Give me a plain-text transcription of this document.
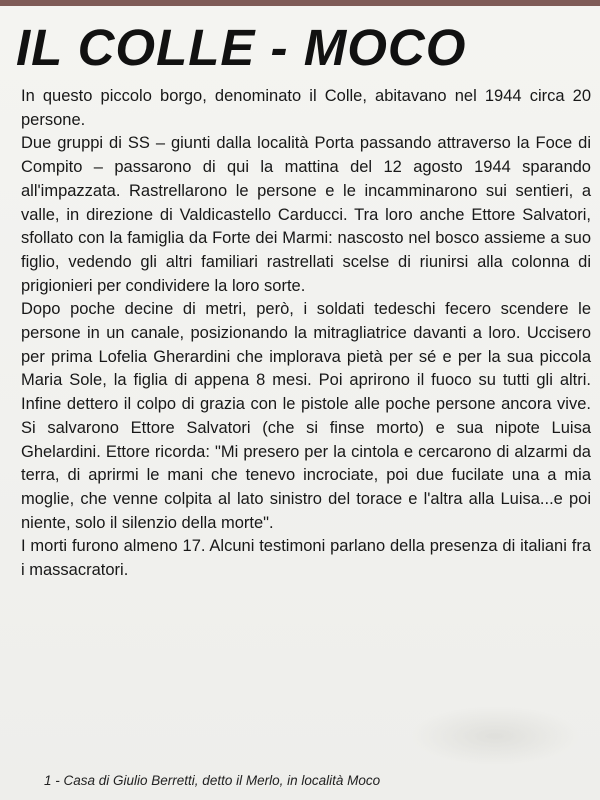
IL COLLE - MOCO

In questo piccolo borgo, denominato il Colle, abitavano nel 1944 circa 20 persone.

Due gruppi di SS – giunti dalla località Porta passando attraverso la Foce di Compito – passarono di qui la mattina del 12 agosto 1944 sparando all'impazzata. Rastrellarono le persone e le incamminarono sui sentieri, a valle, in direzione di Valdicastello Carducci. Tra loro anche Ettore Salvatori, sfollato con la famiglia da Forte dei Marmi: nascosto nel bosco assieme a suo figlio, vedendo gli altri familiari rastrellati scelse di riunirsi alla colonna di prigionieri per condividere la loro sorte.

Dopo poche decine di metri, però, i soldati tedeschi fecero scendere le persone in un canale, posizionando la mitragliatrice davanti a loro. Uccisero per prima Lofelia Gherardini che implorava pietà per sé e per la sua piccola Maria Sole, la figlia di appena 8 mesi. Poi aprirono il fuoco su tutti gli altri. Infine dettero il colpo di grazia con le pistole alle poche persone ancora vive. Si salvarono Ettore Salvatori (che si finse morto) e sua nipote Luisa Ghelardini. Ettore ricorda: "Mi presero per la cintola e cercarono di alzarmi da terra, di aprirmi le mani che tenevo incrociate, poi due fucilate una a mia moglie, che venne colpita al lato sinistro del torace e l'altra alla Luisa...e poi niente, solo il silenzio della morte".

I morti furono almeno 17. Alcuni testimoni parlano della presenza di italiani fra i massacratori.

1 - Casa di Giulio Berretti, detto il Merlo, in località Moco
